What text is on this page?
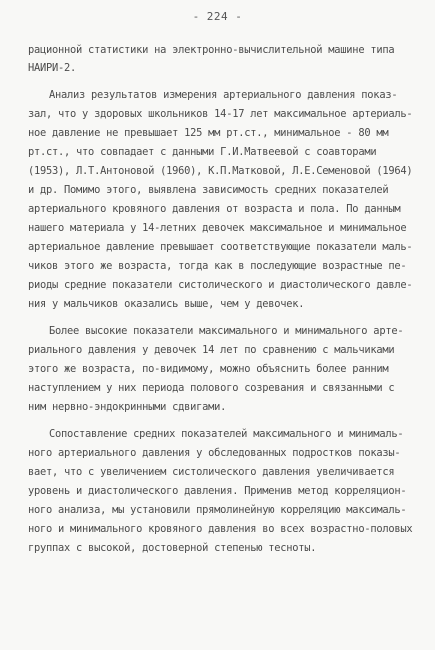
- 224 -
рационной статистики на электронно-вычислительной машине типа
НАИРИ-2.
Анализ результатов измерения артериального давления показ-
зал, что у здоровых школьников 14-17 лет максимальное артериаль-
ное давление не превышает 125 мм рт.ст., минимальное - 80 мм
рт.ст., что совпадает с данными Г.И.Матвеевой с соавторами
(1953), Л.Т.Антоновой (1960), К.П.Матковой, Л.Е.Семеновой (1964)
и др. Помимо этого, выявлена зависимость средних показателей
артериального кровяного давления от возраста и пола. По данным
нашего материала у 14-летних девочек максимальное и минимальное
артериальное давление превышает соответствующие показатели маль-
чиков этого же возраста, тогда как в последующие возрастные пе-
риоды средние показатели систолического и диастолического давле-
ния у мальчиков оказались выше, чем у девочек.
Более высокие показатели максимального и минимального арте-
риального давления у девочек 14 лет по сравнению с мальчиками
этого же возраста, по-видимому, можно объяснить более ранним
наступлением у них периода полового созревания и связанными с
ним нервно-эндокринными сдвигами.
Сопоставление средних показателей максимального и минималь-
ного артериального давления у обследованных подростков показы-
вает, что с увеличением систолического давления увеличивается
уровень и диастолического давления. Применив метод корреляцион-
ного анализа, мы установили прямолинейную корреляцию максималь-
ного и минимального кровяного давления во всех возрастно-половых
группах с высокой, достоверной степенью тесноты.
